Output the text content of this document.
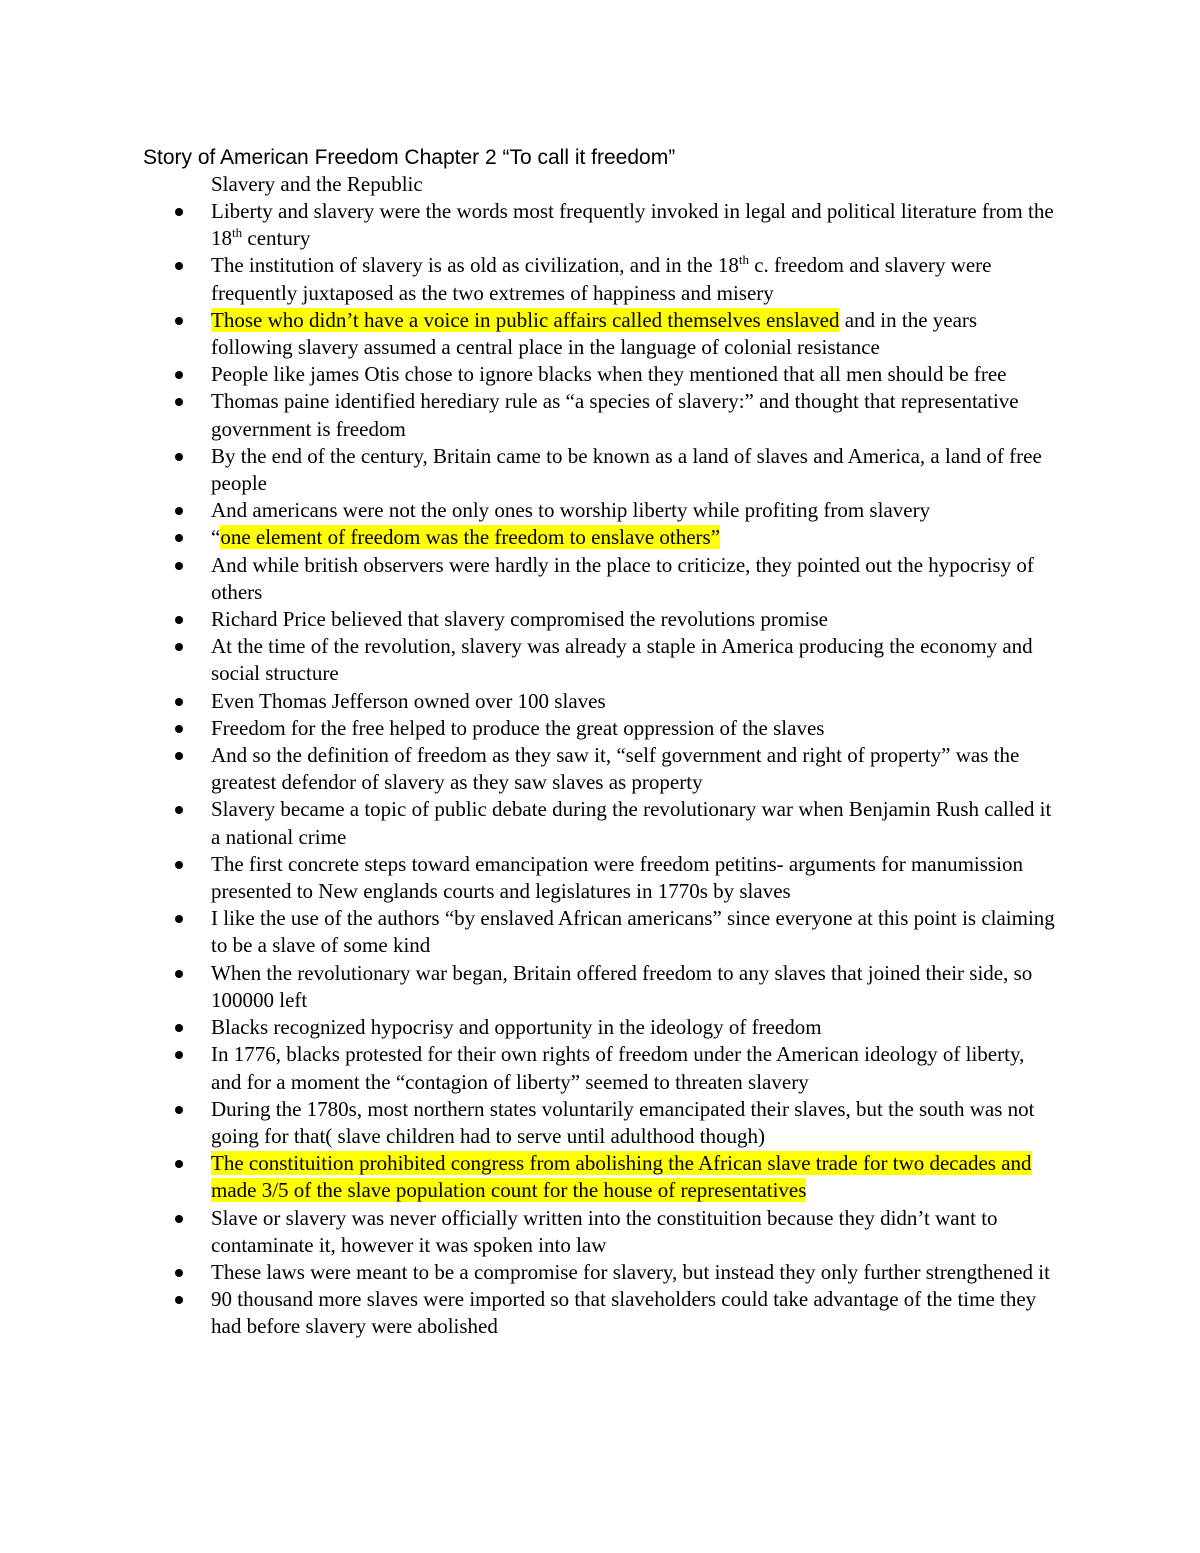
Story of American Freedom Chapter 2 “To call it freedom”
Slavery and the Republic
Liberty and slavery were the words most frequently invoked in legal and political literature from the 18th century
The institution of slavery is as old as civilization, and in the 18th c. freedom and slavery were frequently juxtaposed as the two extremes of happiness and misery
Those who didn’t have a voice in public affairs called themselves enslaved and in the years following slavery assumed a central place in the language of colonial resistance
People like james Otis chose to ignore blacks when they mentioned that all men should be free
Thomas paine identified herediary rule as “a species of slavery:” and thought that representative government is freedom
By the end of the century, Britain came to be known as a land of slaves and America, a land of free people
And americans were not the only ones to worship liberty while profiting from slavery
“one element of freedom was the freedom to enslave others”
And while british observers were hardly in the place to criticize, they pointed out the hypocrisy of others
Richard Price believed that slavery compromised the revolutions promise
At the time of the revolution, slavery was already a staple in America producing the economy and social structure
Even Thomas Jefferson owned over 100 slaves
Freedom for the free helped to produce the great oppression of the slaves
And so the definition of freedom as they saw it, “self government and right of property” was the greatest defendor of slavery as they saw slaves as property
Slavery became a topic of public debate during the revolutionary war when Benjamin Rush called it a national crime
The first concrete steps toward emancipation were freedom petitins- arguments for manumission presented to New englands courts and legislatures in 1770s by slaves
I like the use of the authors “by enslaved African americans” since everyone at this point is claiming to be a slave of some kind
When the revolutionary war began, Britain offered freedom to any slaves that joined their side, so 100000 left
Blacks recognized hypocrisy and opportunity in the ideology of freedom
In 1776, blacks protested for their own rights of freedom under the American ideology of liberty, and for a moment the “contagion of liberty” seemed to threaten slavery
During the 1780s, most northern states voluntarily emancipated their slaves, but the south was not going for that( slave children had to serve until adulthood though)
The constituition prohibited congress from abolishing the African slave trade for two decades and made 3/5 of the slave population count for the house of representatives
Slave or slavery was never officially written into the constituition because they didn’t want to contaminate it, however it was spoken into law
These laws were meant to be a compromise for slavery, but instead they only further strengthened it
90 thousand more slaves were imported so that slaveholders could take advantage of the time they had before slavery were abolished
